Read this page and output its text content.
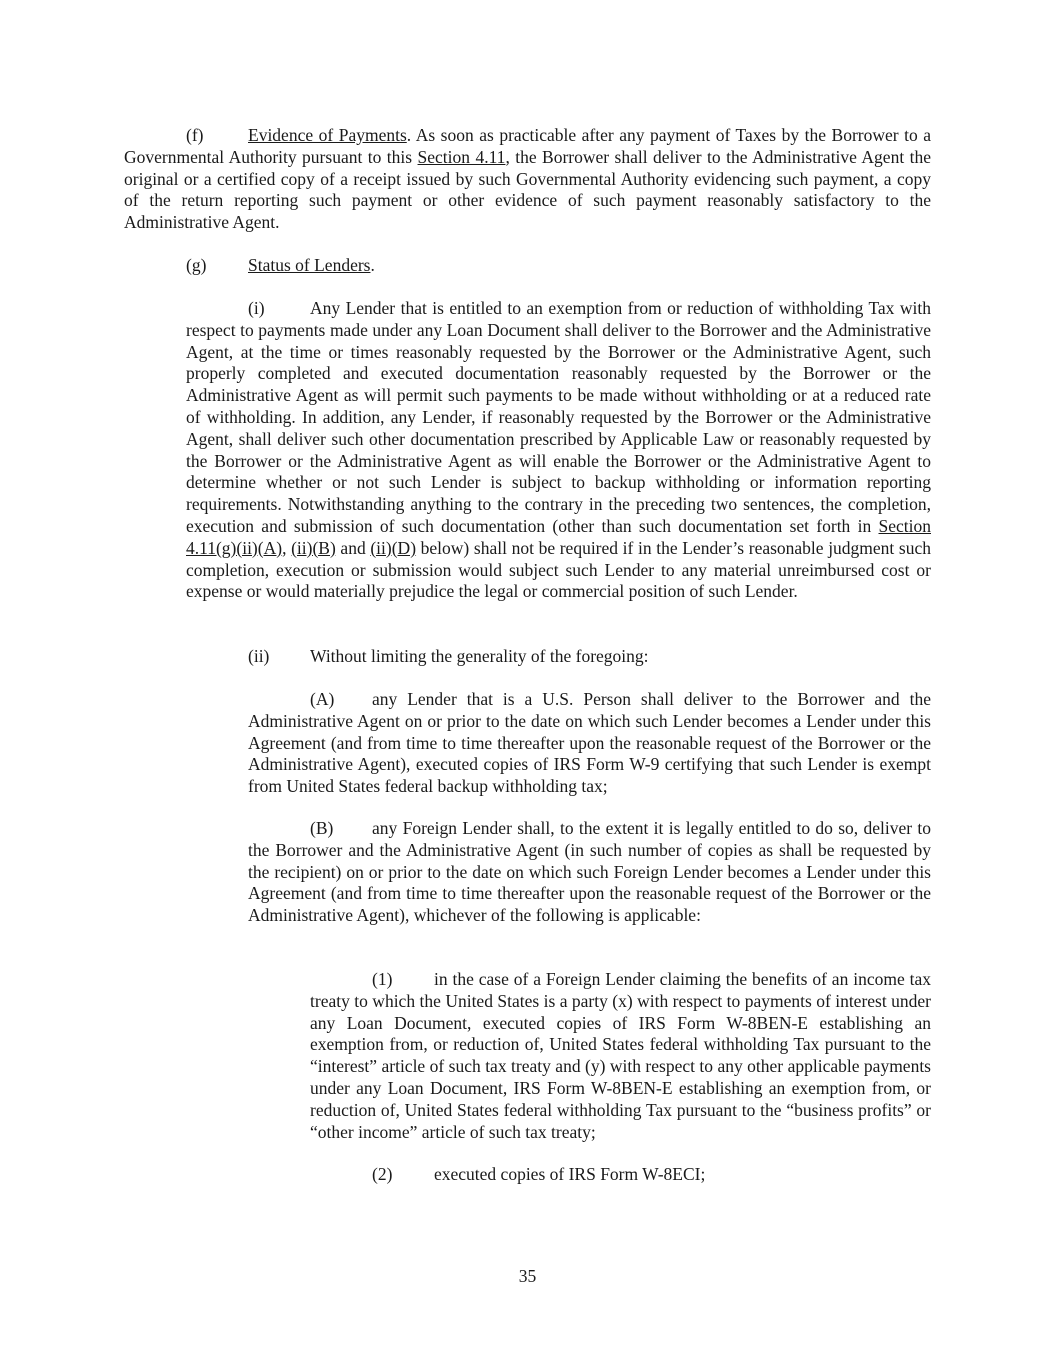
(f)	Evidence of Payments. As soon as practicable after any payment of Taxes by the Borrower to a Governmental Authority pursuant to this Section 4.11, the Borrower shall deliver to the Administrative Agent the original or a certified copy of a receipt issued by such Governmental Authority evidencing such payment, a copy of the return reporting such payment or other evidence of such payment reasonably satisfactory to the Administrative Agent.

(g) Status of Lenders.

(i)	Any Lender that is entitled to an exemption from or reduction of withholding Tax with respect to payments made under any Loan Document shall deliver to the Borrower and the Administrative Agent, at the time or times reasonably requested by the Borrower or the Administrative Agent, such properly completed and executed documentation reasonably requested by the Borrower or the Administrative Agent as will permit such payments to be made without withholding or at a reduced rate of withholding. In addition, any Lender, if reasonably requested by the Borrower or the Administrative Agent, shall deliver such other documentation prescribed by Applicable Law or reasonably requested by the Borrower or the Administrative Agent as will enable the Borrower or the Administrative Agent to determine whether or not such Lender is subject to backup withholding or information reporting requirements. Notwithstanding anything to the contrary in the preceding two sentences, the completion, execution and submission of such documentation (other than such documentation set forth in Section 4.11(g)(ii)(A), (ii)(B) and (ii)(D) below) shall not be required if in the Lender’s reasonable judgment such completion, execution or submission would subject such Lender to any material unreimbursed cost or expense or would materially prejudice the legal or commercial position of such Lender.

(ii) Without limiting the generality of the foregoing:

(A) any Lender that is a U.S. Person shall deliver to the Borrower and the Administrative Agent on or prior to the date on which such Lender becomes a Lender under this Agreement (and from time to time thereafter upon the reasonable request of the Borrower or the Administrative Agent), executed copies of IRS Form W-9 certifying that such Lender is exempt from United States federal backup withholding tax;

(B) any Foreign Lender shall, to the extent it is legally entitled to do so, deliver to the Borrower and the Administrative Agent (in such number of copies as shall be requested by the recipient) on or prior to the date on which such Foreign Lender becomes a Lender under this Agreement (and from time to time thereafter upon the reasonable request of the Borrower or the Administrative Agent), whichever of the following is applicable:

(1) in the case of a Foreign Lender claiming the benefits of an income tax treaty to which the United States is a party (x) with respect to payments of interest under any Loan Document, executed copies of IRS Form W-8BEN-E establishing an exemption from, or reduction of, United States federal withholding Tax pursuant to the “interest” article of such tax treaty and (y) with respect to any other applicable payments under any Loan Document, IRS Form W-8BEN-E establishing an exemption from, or reduction of, United States federal withholding Tax pursuant to the “business profits” or “other income” article of such tax treaty;

(2) executed copies of IRS Form W-8ECI;

35
